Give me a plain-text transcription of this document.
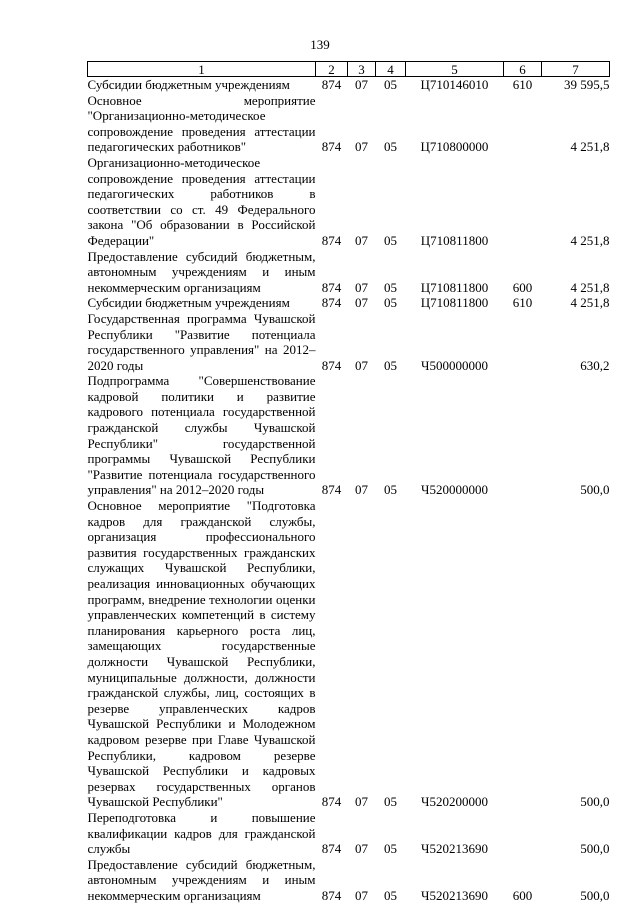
139
1	2	3	4	5	6	7
Субсидии бюджетным учреждениям	874	07	05	Ц710146010	610	39 595,5
Основное мероприятие "Организационно-методическое сопровождение проведения аттестации педагогических работников"	874	07	05	Ц710800000		4 251,8
Организационно-методическое сопровождение проведения аттестации педагогических работников в соответствии со ст. 49 Федерального закона "Об образовании в Российской Федерации"	874	07	05	Ц710811800		4 251,8
Предоставление субсидий бюджетным, автономным учреждениям и иным некоммерческим организациям	874	07	05	Ц710811800	600	4 251,8
Субсидии бюджетным учреждениям	874	07	05	Ц710811800	610	4 251,8
Государственная программа Чувашской Республики "Развитие потенциала государственного управления" на 2012–2020 годы	874	07	05	Ч500000000		630,2
Подпрограмма "Совершенствование кадровой политики и развитие кадрового потенциала государственной гражданской службы Чувашской Республики" государственной программы Чувашской Республики "Развитие потенциала государственного управления" на 2012–2020 годы	874	07	05	Ч520000000		500,0
Основное мероприятие "Подготовка кадров для гражданской службы, организация профессионального развития государственных гражданских служащих Чувашской Республики, реализация инновационных обучающих программ, внедрение технологии оценки управленческих компетенций в систему планирования карьерного роста лиц, замещающих государственные должности Чувашской Республики, муниципальные должности, должности гражданской службы, лиц, состоящих в резерве управленческих кадров Чувашской Республики и Молодежном кадровом резерве при Главе Чувашской Республики, кадровом резерве Чувашской Республики и кадровых резервах государственных органов Чувашской Республики"	874	07	05	Ч520200000		500,0
Переподготовка и повышение квалификации кадров для гражданской службы	874	07	05	Ч520213690		500,0
Предоставление субсидий бюджетным, автономным учреждениям и иным некоммерческим организациям	874	07	05	Ч520213690	600	500,0
